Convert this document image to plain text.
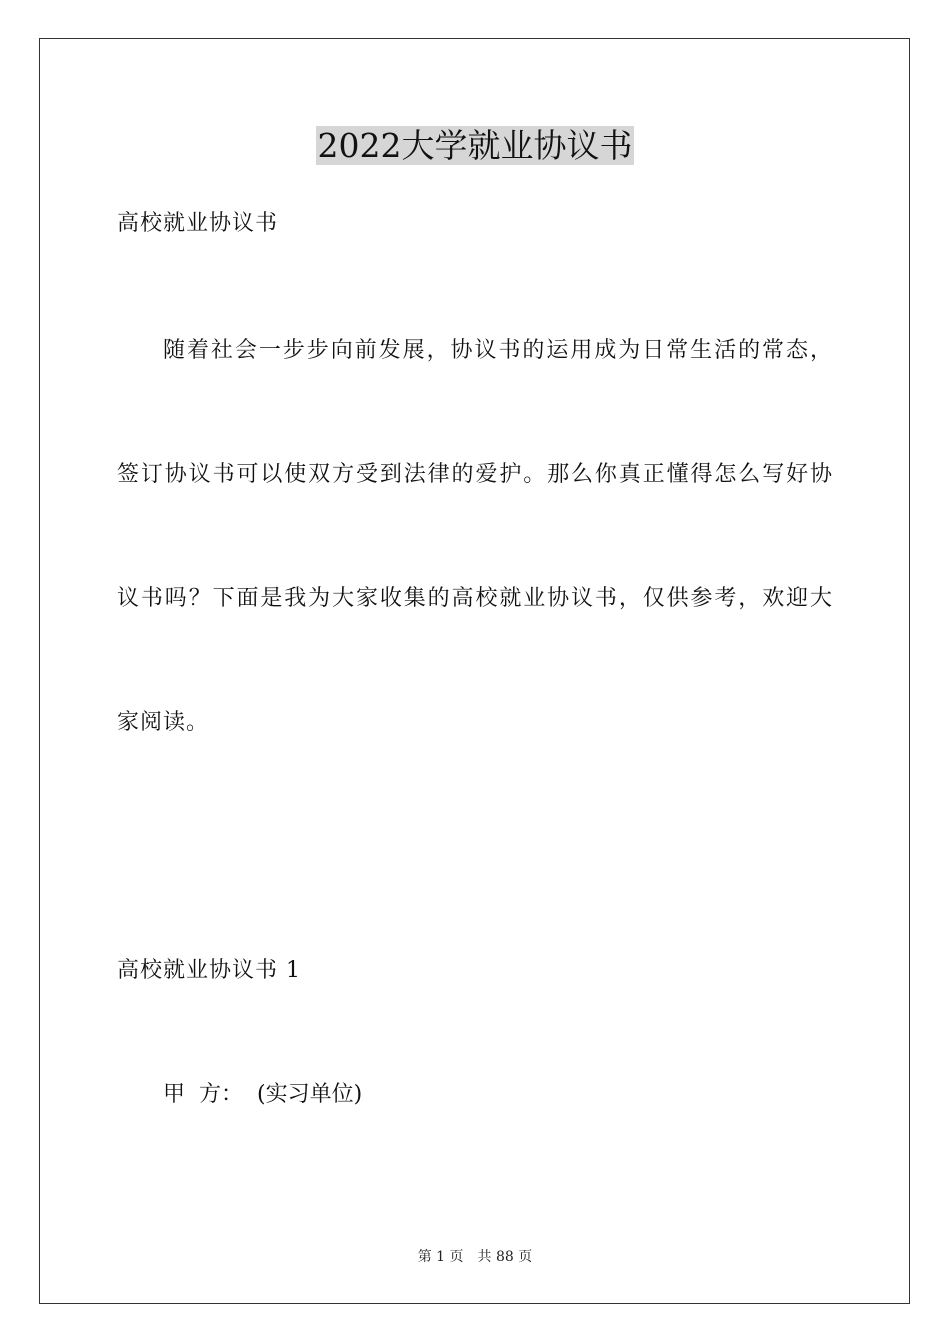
2022大学就业协议书
高校就业协议书
随着社会一步步向前发展，协议书的运用成为日常生活的常态，
签订协议书可以使双方受到法律的爱护。那么你真正懂得怎么写好协
议书吗？下面是我为大家收集的高校就业协议书，仅供参考，欢迎大
家阅读。
高校就业协议书 1
甲 方： (实习单位)
第 1 页 共 88 页
